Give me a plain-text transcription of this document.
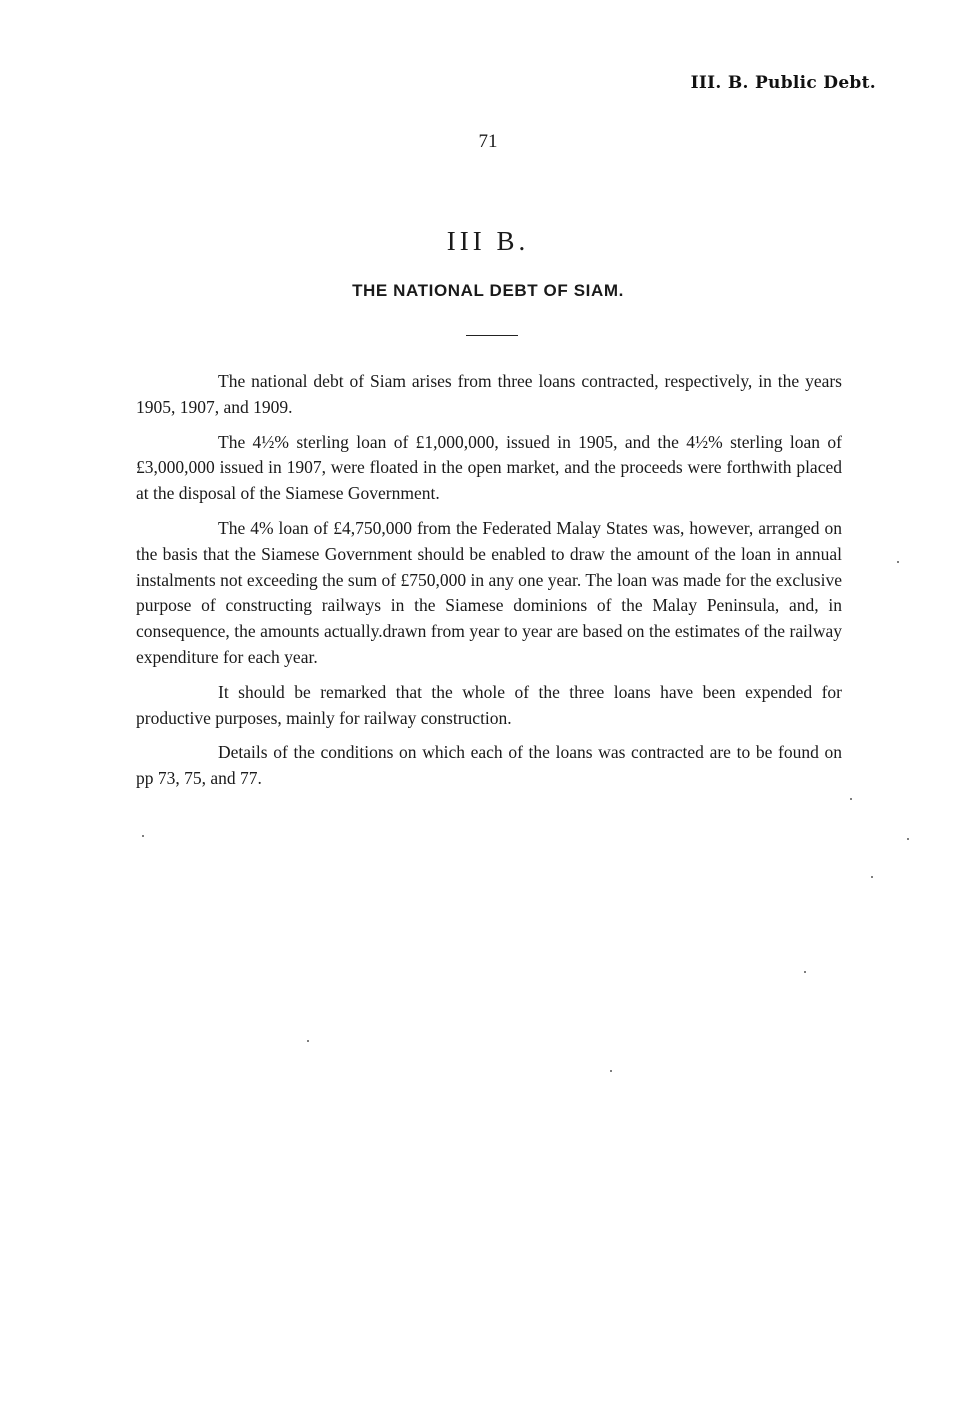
III. B. Public Debt.
71
III B.
THE NATIONAL DEBT OF SIAM.

The national debt of Siam arises from three loans contracted, respectively, in the years 1905, 1907, and 1909.

The 4½% sterling loan of £1,000,000, issued in 1905, and the 4½% sterling loan of £3,000,000 issued in 1907, were floated in the open market, and the proceeds were forthwith placed at the disposal of the Siamese Government.

The 4% loan of £4,750,000 from the Federated Malay States was, however, arranged on the basis that the Siamese Government should be enabled to draw the amount of the loan in annual instalments not exceeding the sum of £750,000 in any one year. The loan was made for the exclusive purpose of constructing railways in the Siamese dominions of the Malay Peninsula, and, in consequence, the amounts actually.drawn from year to year are based on the estimates of the railway expenditure for each year.

It should be remarked that the whole of the three loans have been expended for productive purposes, mainly for railway construction.

Details of the conditions on which each of the loans was contracted are to be found on pp 73, 75, and 77.
